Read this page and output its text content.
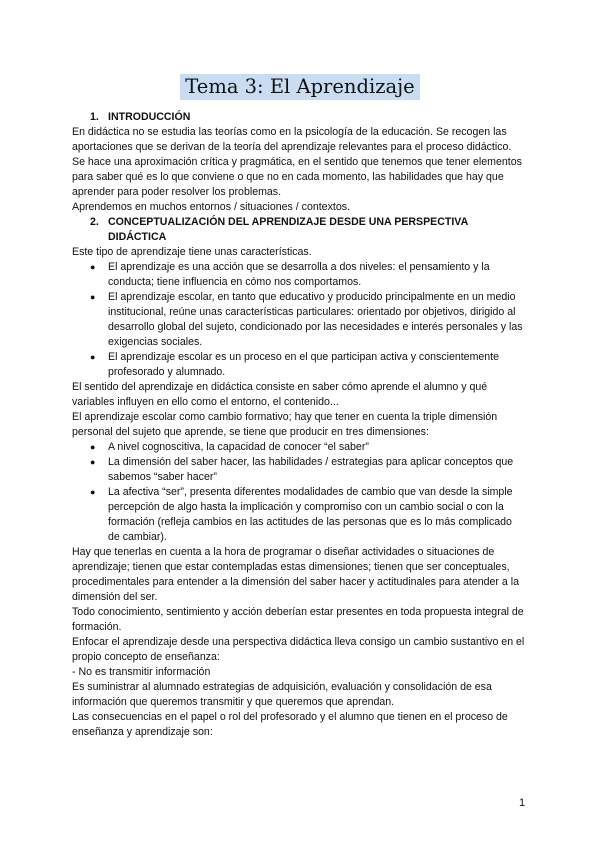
Tema 3: El Aprendizaje

1. INTRODUCCIÓN

En didáctica no se estudia las teorías como en la psicología de la educación. Se recogen las aportaciones que se derivan de la teoría del aprendizaje relevantes para el proceso didáctico.

Se hace una aproximación crítica y pragmática, en el sentido que tenemos que tener elementos para saber qué es lo que conviene o que no en cada momento, las habilidades que hay que aprender para poder resolver los problemas.

Aprendemos en muchos entornos / situaciones / contextos.

2. CONCEPTUALIZACIÓN DEL APRENDIZAJE DESDE UNA PERSPECTIVA DIDÁCTICA

Este tipo de aprendizaje tiene unas características.

● El aprendizaje es una acción que se desarrolla a dos niveles: el pensamiento y la conducta; tiene influencia en cómo nos comportamos.
● El aprendizaje escolar, en tanto que educativo y producido principalmente en un medio institucional, reúne unas características particulares: orientado por objetivos, dirigido al desarrollo global del sujeto, condicionado por las necesidades e interés personales y las exigencias sociales.
● El aprendizaje escolar es un proceso en el que participan activa y conscientemente profesorado y alumnado.

El sentido del aprendizaje en didáctica consiste en saber cómo aprende el alumno y qué variables influyen en ello como el entorno, el contenido...

El aprendizaje escolar como cambio formativo; hay que tener en cuenta la triple dimensión personal del sujeto que aprende, se tiene que producir en tres dimensiones:

● A nivel cognoscitiva, la capacidad de conocer “el saber”
● La dimensión del saber hacer, las habilidades / estrategias para aplicar conceptos que sabemos “saber hacer”
● La afectiva “ser”, presenta diferentes modalidades de cambio que van desde la simple percepción de algo hasta la implicación y compromiso con un cambio social o con la formación (refleja cambios en las actitudes de las personas que es lo más complicado de cambiar).

Hay que tenerlas en cuenta a la hora de programar o diseñar actividades o situaciones de aprendizaje; tienen que estar contempladas estas dimensiones; tienen que ser conceptuales, procedimentales para entender a la dimensión del saber hacer y actitudinales para atender a la dimensión del ser.

Todo conocimiento, sentimiento y acción deberían estar presentes en toda propuesta integral de formación.

Enfocar el aprendizaje desde una perspectiva didáctica lleva consigo un cambio sustantivo en el propio concepto de enseñanza:

- No es transmitir información

Es suministrar al alumnado estrategias de adquisición, evaluación y consolidación de esa información que queremos transmitir y que queremos que aprendan.

Las consecuencias en el papel o rol del profesorado y el alumno que tienen en el proceso de enseñanza y aprendizaje son:

1
